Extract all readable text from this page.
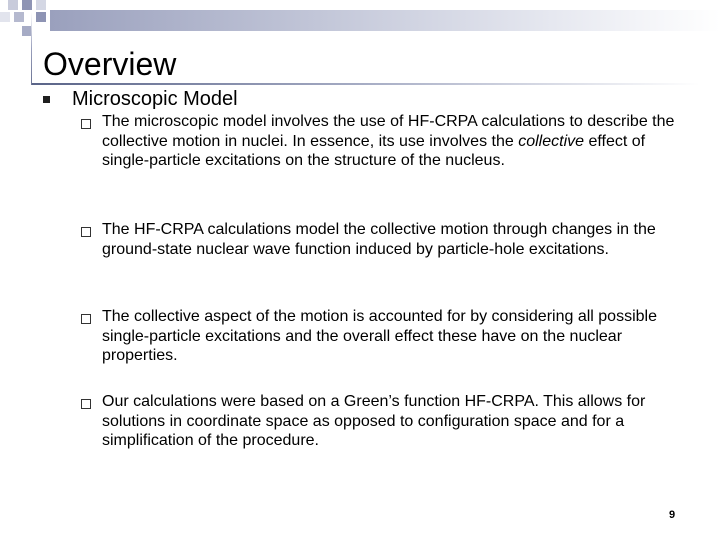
Overview
Microscopic Model
The microscopic model involves the use of HF-CRPA calculations to describe the collective motion in nuclei. In essence, its use involves the collective effect of single-particle excitations on the structure of the nucleus.
The HF-CRPA calculations model the collective motion through changes in the ground-state nuclear wave function induced by particle-hole excitations.
The collective aspect of the motion is accounted for by considering all possible single-particle excitations and the overall effect these have on the nuclear properties.
Our calculations were based on a Green’s function HF-CRPA. This allows for solutions in coordinate space as opposed to configuration space and for a simplification of the procedure.
9
